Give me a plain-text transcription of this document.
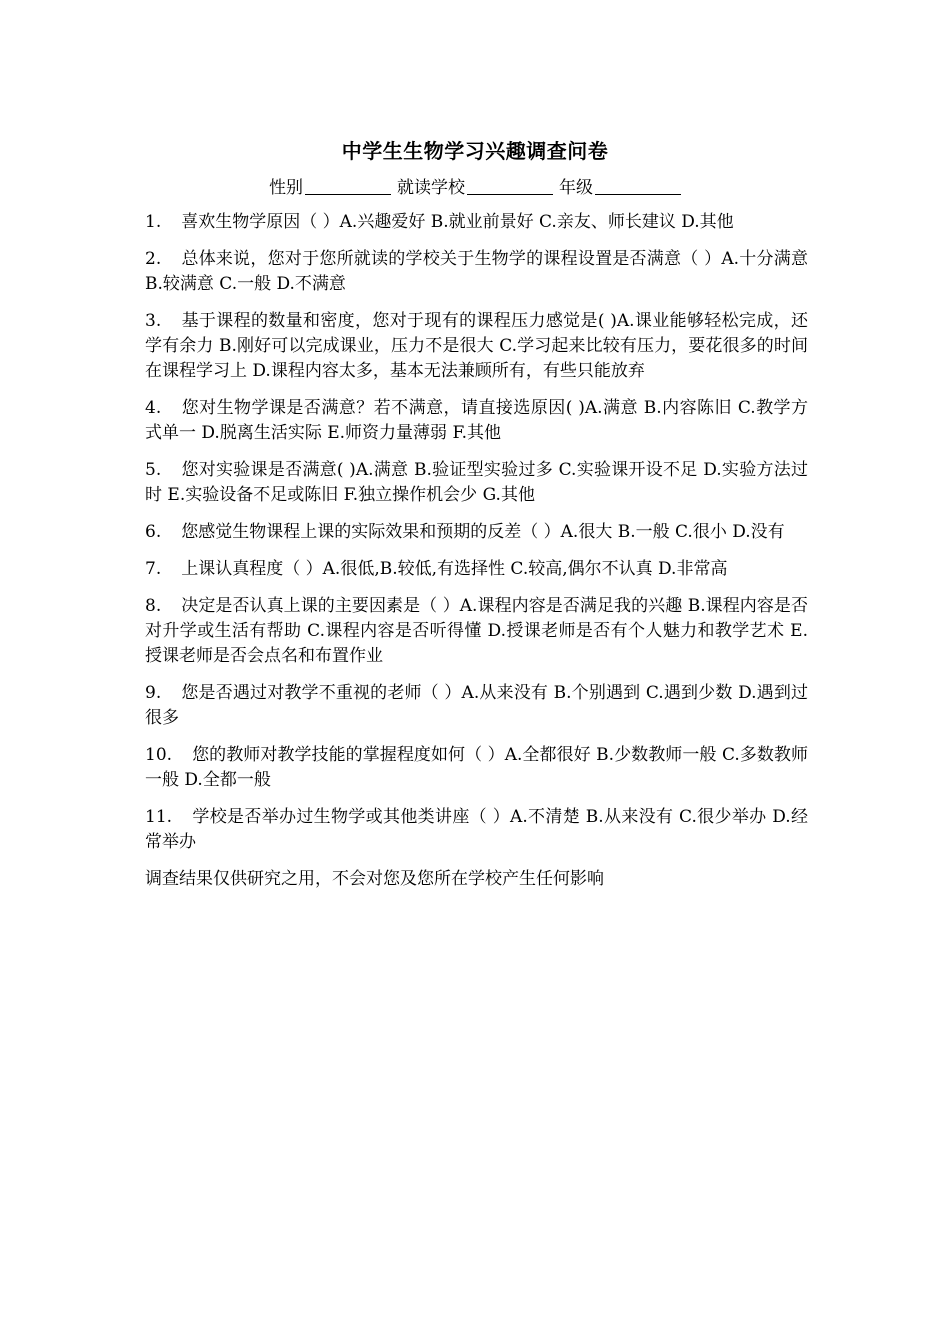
中学生生物学习兴趣调查问卷
性别	就读学校	年级
1. 喜欢生物学原因（ ）A.兴趣爱好 B.就业前景好 C.亲友、师长建议 D.其他
2. 总体来说，您对于您所就读的学校关于生物学的课程设置是否满意（ ）A.十分满意 B.较满意 C.一般 D.不满意
3. 基于课程的数量和密度，您对于现有的课程压力感觉是( )A.课业能够轻松完成，还学有余力 B.刚好可以完成课业，压力不是很大 C.学习起来比较有压力，要花很多的时间在课程学习上 D.课程内容太多，基本无法兼顾所有，有些只能放弃
4. 您对生物学课是否满意？若不满意，请直接选原因( )A.满意 B.内容陈旧 C.教学方式单一 D.脱离生活实际 E.师资力量薄弱 F.其他
5. 您对实验课是否满意( )A.满意 B.验证型实验过多 C.实验课开设不足 D.实验方法过时 E.实验设备不足或陈旧 F.独立操作机会少 G.其他
6. 您感觉生物课程上课的实际效果和预期的反差（ ）A.很大 B.一般 C.很小 D.没有
7. 上课认真程度（ ）A.很低,B.较低,有选择性 C.较高,偶尔不认真 D.非常高
8. 决定是否认真上课的主要因素是（ ）A.课程内容是否满足我的兴趣 B.课程内容是否对升学或生活有帮助 C.课程内容是否听得懂 D.授课老师是否有个人魅力和教学艺术 E.授课老师是否会点名和布置作业
9. 您是否遇过对教学不重视的老师（ ）A.从来没有 B.个别遇到 C.遇到少数 D.遇到过很多
10. 您的教师对教学技能的掌握程度如何（ ）A.全都很好 B.少数教师一般 C.多数教师一般 D.全都一般
11. 学校是否举办过生物学或其他类讲座（ ）A.不清楚 B.从来没有 C.很少举办 D.经常举办
调查结果仅供研究之用，不会对您及您所在学校产生任何影响
